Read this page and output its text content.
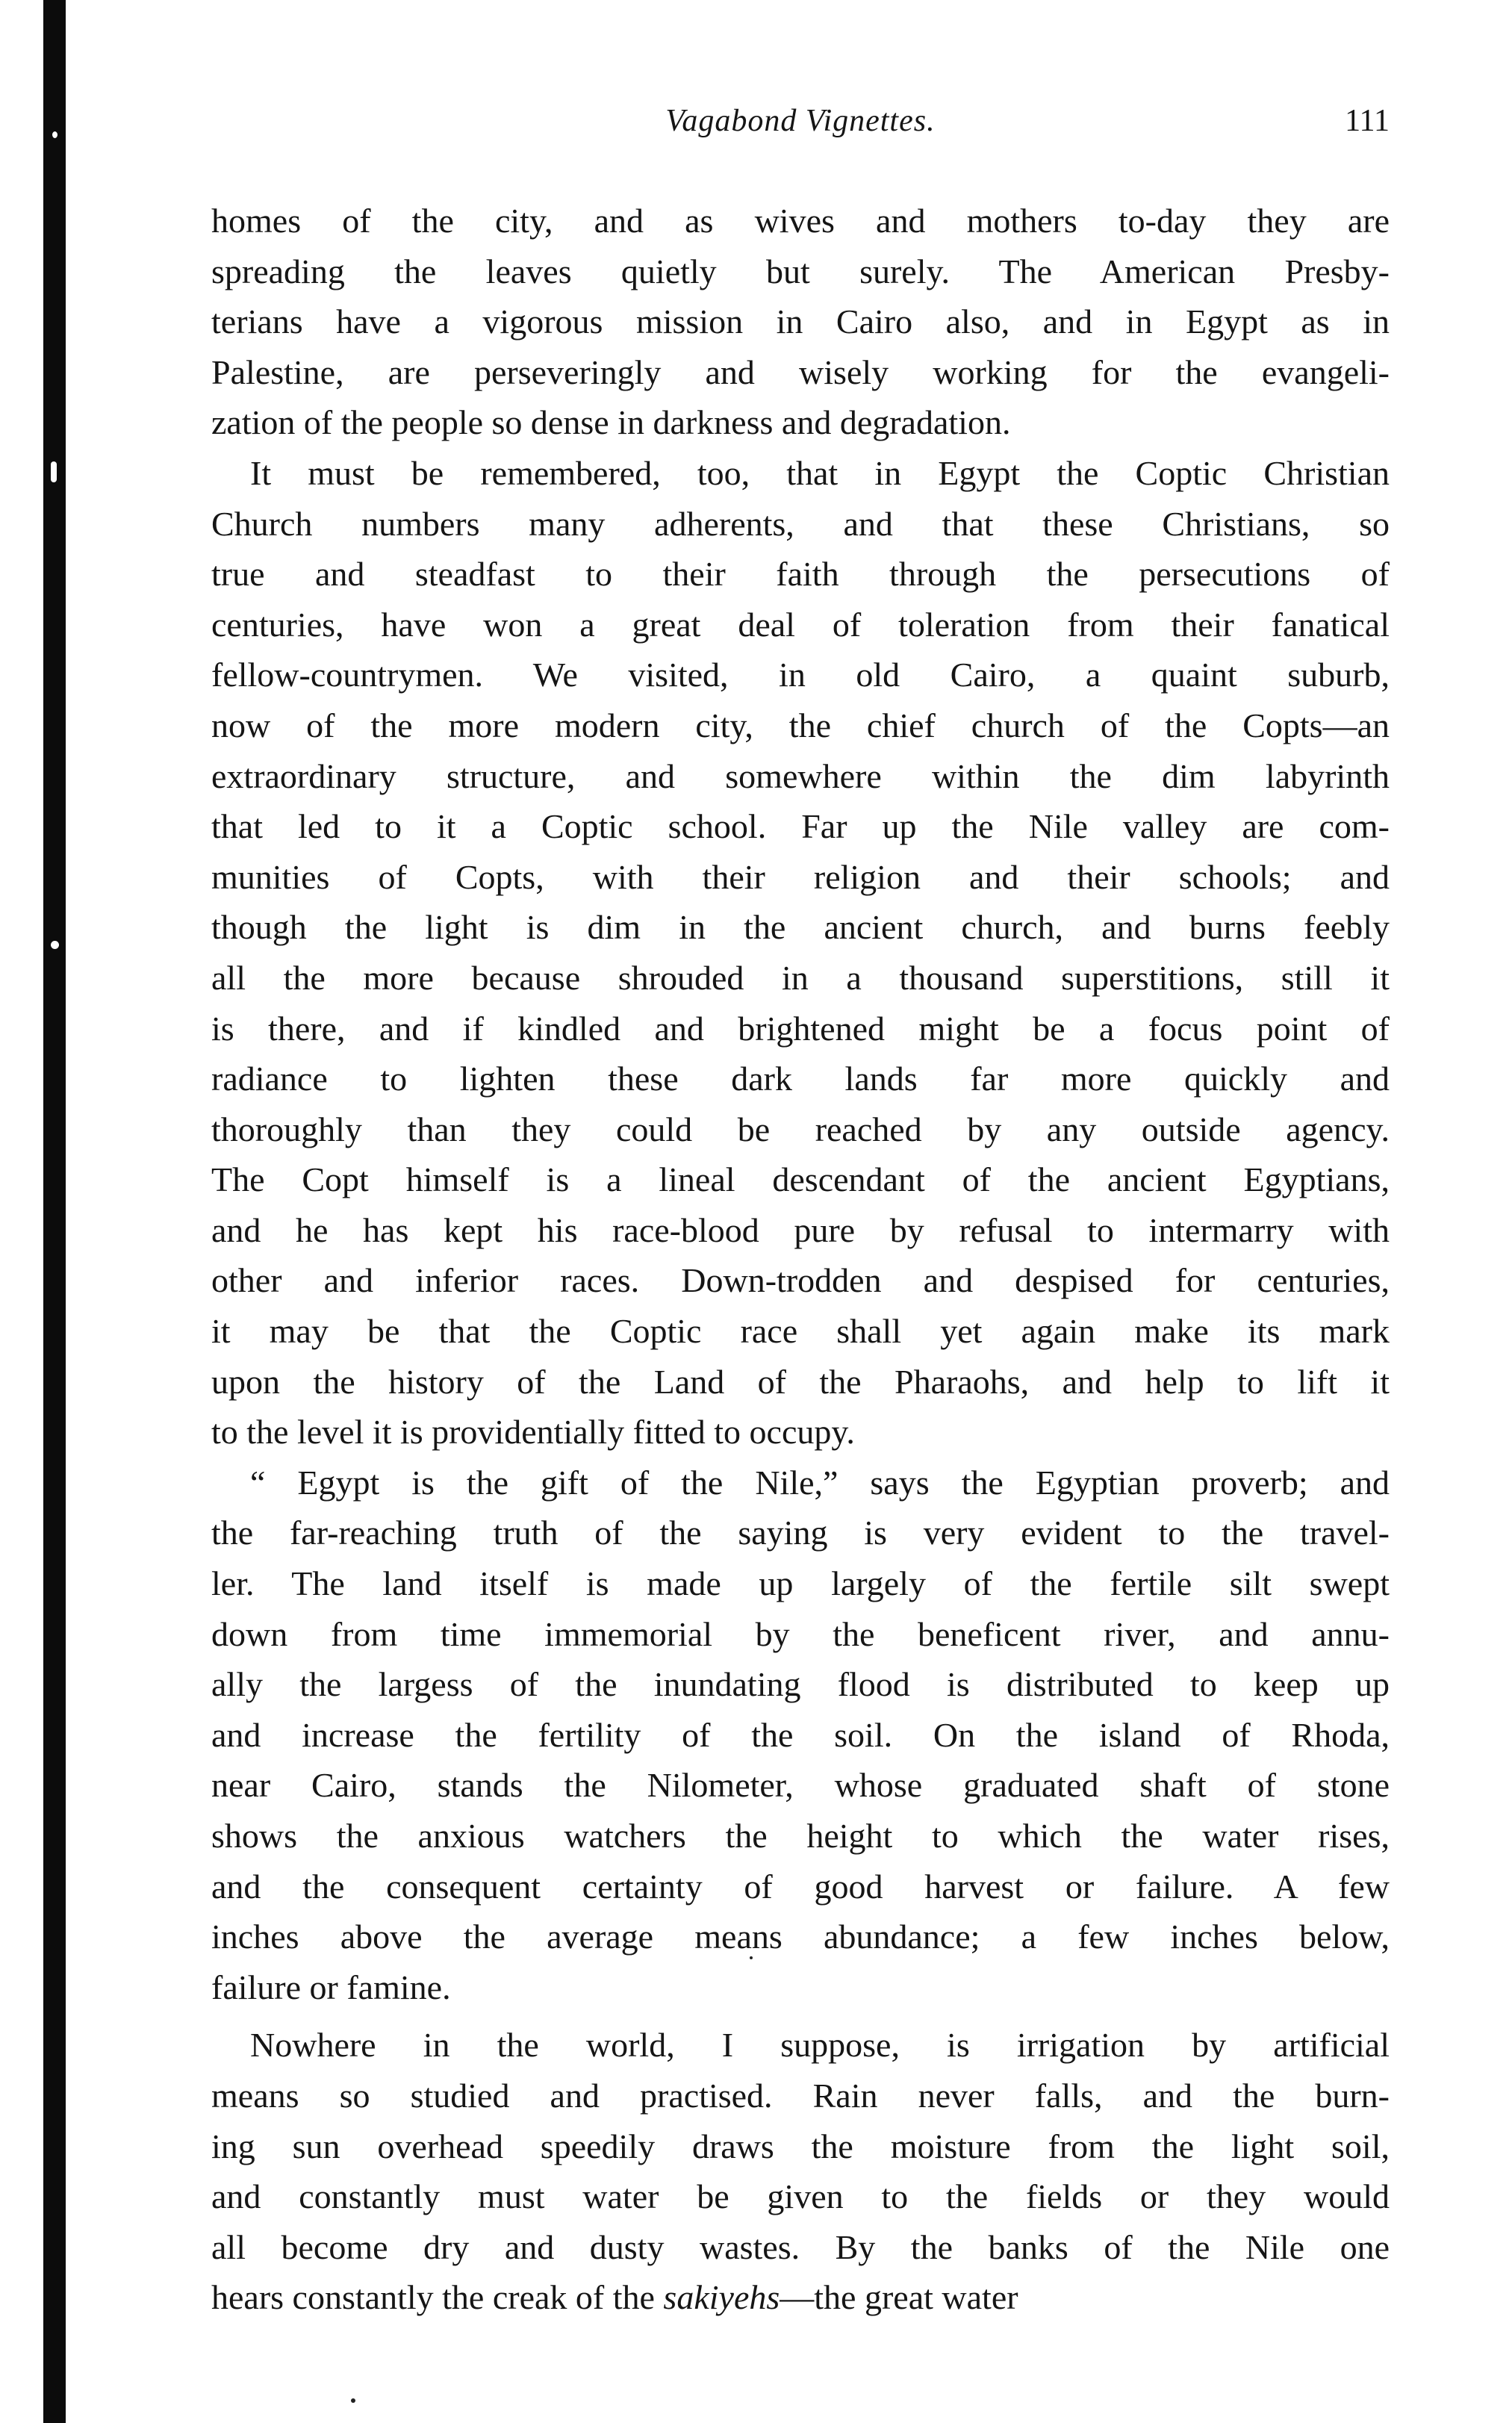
Vagabond Vignettes.	111
homes of the city, and as wives and mothers to-day they are
spreading the leaves quietly but surely. The American Presby-
terians have a vigorous mission in Cairo also, and in Egypt as in
Palestine, are perseveringly and wisely working for the evangeli-
zation of the people so dense in darkness and degradation.
It must be remembered, too, that in Egypt the Coptic Christian
Church numbers many adherents, and that these Christians, so
true and steadfast to their faith through the persecutions of
centuries, have won a great deal of toleration from their fanatical
fellow-countrymen. We visited, in old Cairo, a quaint suburb,
now of the more modern city, the chief church of the Copts—an
extraordinary structure, and somewhere within the dim labyrinth
that led to it a Coptic school. Far up the Nile valley are com-
munities of Copts, with their religion and their schools; and
though the light is dim in the ancient church, and burns feebly
all the more because shrouded in a thousand superstitions, still it
is there, and if kindled and brightened might be a focus point of
radiance to lighten these dark lands far more quickly and
thoroughly than they could be reached by any outside agency.
The Copt himself is a lineal descendant of the ancient Egyptians,
and he has kept his race-blood pure by refusal to intermarry with
other and inferior races. Down-trodden and despised for centuries,
it may be that the Coptic race shall yet again make its mark
upon the history of the Land of the Pharaohs, and help to lift it
to the level it is providentially fitted to occupy.
“ Egypt is the gift of the Nile,” says the Egyptian proverb; and
the far-reaching truth of the saying is very evident to the travel-
ler. The land itself is made up largely of the fertile silt swept
down from time immemorial by the beneficent river, and annu-
ally the largess of the inundating flood is distributed to keep up
and increase the fertility of the soil. On the island of Rhoda,
near Cairo, stands the Nilometer, whose graduated shaft of stone
shows the anxious watchers the height to which the water rises,
and the consequent certainty of good harvest or failure. A few
inches above the average means abundance; a few inches below,
failure or famine.
Nowhere in the world, I suppose, is irrigation by artificial
means so studied and practised. Rain never falls, and the burn-
ing sun overhead speedily draws the moisture from the light soil,
and constantly must water be given to the fields or they would
all become dry and dusty wastes. By the banks of the Nile one
hears constantly the creak of the sakiyehs—the great water
